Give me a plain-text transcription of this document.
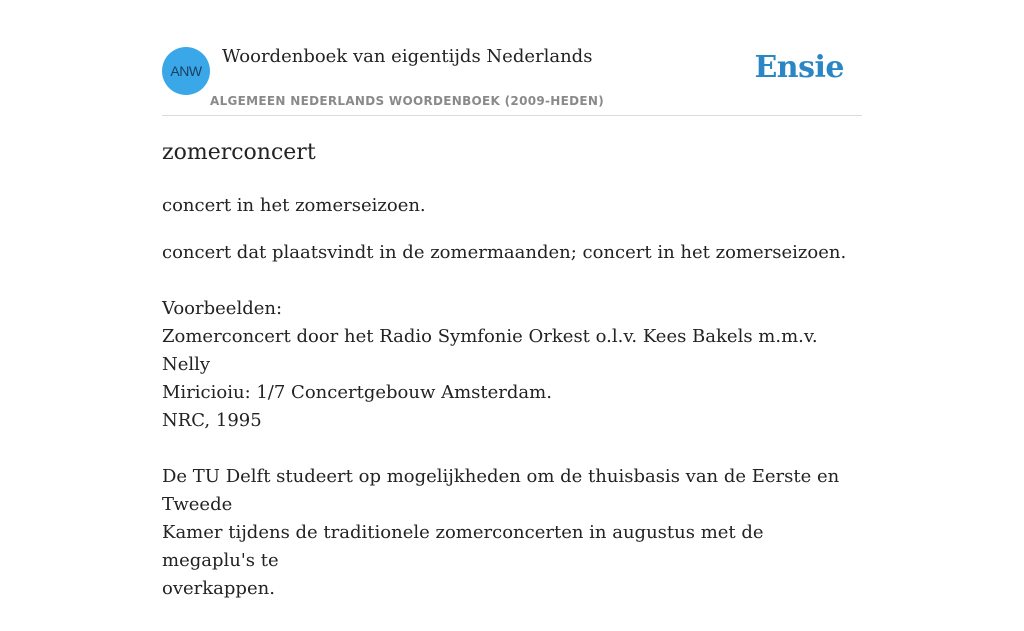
ANW
Woordenboek van eigentijds Nederlands
ALGEMEEN NEDERLANDS WOORDENBOEK (2009-HEDEN)
Ensie
zomerconcert
concert in het zomerseizoen.
concert dat plaatsvindt in de zomermaanden; concert in het zomerseizoen.
Voorbeelden:
Zomerconcert door het Radio Symfonie Orkest o.l.v. Kees Bakels m.m.v. Nelly
Miricioiu: 1/7 Concertgebouw Amsterdam.
NRC, 1995
De TU Delft studeert op mogelijkheden om de thuisbasis van de Eerste en Tweede
Kamer tijdens de traditionele zomerconcerten in augustus met de megaplu's te
overkappen.
